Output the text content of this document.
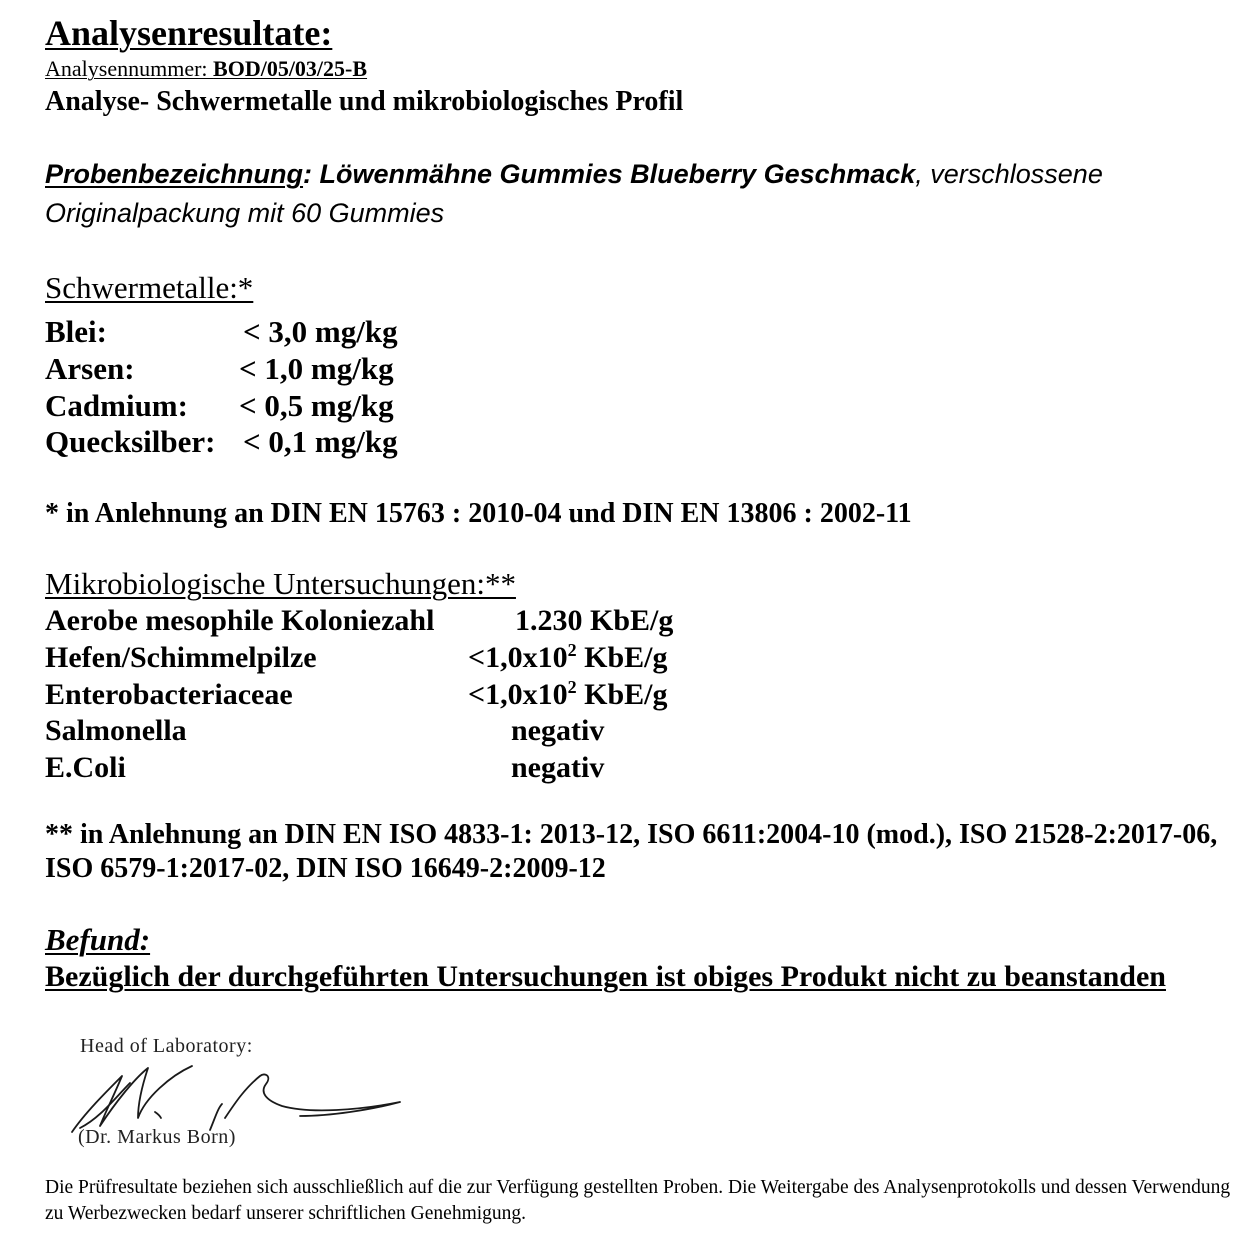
Analysenresultate:
Analysennummer: BOD/05/03/25-B
Analyse- Schwermetalle und mikrobiologisches Profil
Probenbezeichnung: Löwenmähne Gummies Blueberry Geschmack, verschlossene Originalpackung mit 60 Gummies
Schwermetalle:*
Blei:	< 3,0 mg/kg
Arsen:	< 1,0 mg/kg
Cadmium: < 0,5 mg/kg
Quecksilber: < 0,1 mg/kg
* in Anlehnung an DIN EN 15763 : 2010-04 und DIN EN 13806 : 2002-11
Mikrobiologische Untersuchungen:**
Aerobe mesophile Koloniezahl	1.230 KbE/g
Hefen/Schimmelpilze	$<1,0x10^2$ KbE/g
Enterobacteriaceae	$<1,0x10^2$ KbE/g
Salmonella	negativ
E.Coli	negativ
** in Anlehnung an DIN EN ISO 4833-1: 2013-12, ISO 6611:2004-10 (mod.), ISO 21528-2:2017-06, ISO 6579-1:2017-02, DIN ISO 16649-2:2009-12
Befund:
Bezüglich der durchgeführten Untersuchungen ist obiges Produkt nicht zu beanstanden
Head of Laboratory:
(Dr. Markus Born)
Die Prüfresultate beziehen sich ausschließlich auf die zur Verfügung gestellten Proben. Die Weitergabe des Analysenprotokolls und dessen Verwendung zu Werbezwecken bedarf unserer schriftlichen Genehmigung.
